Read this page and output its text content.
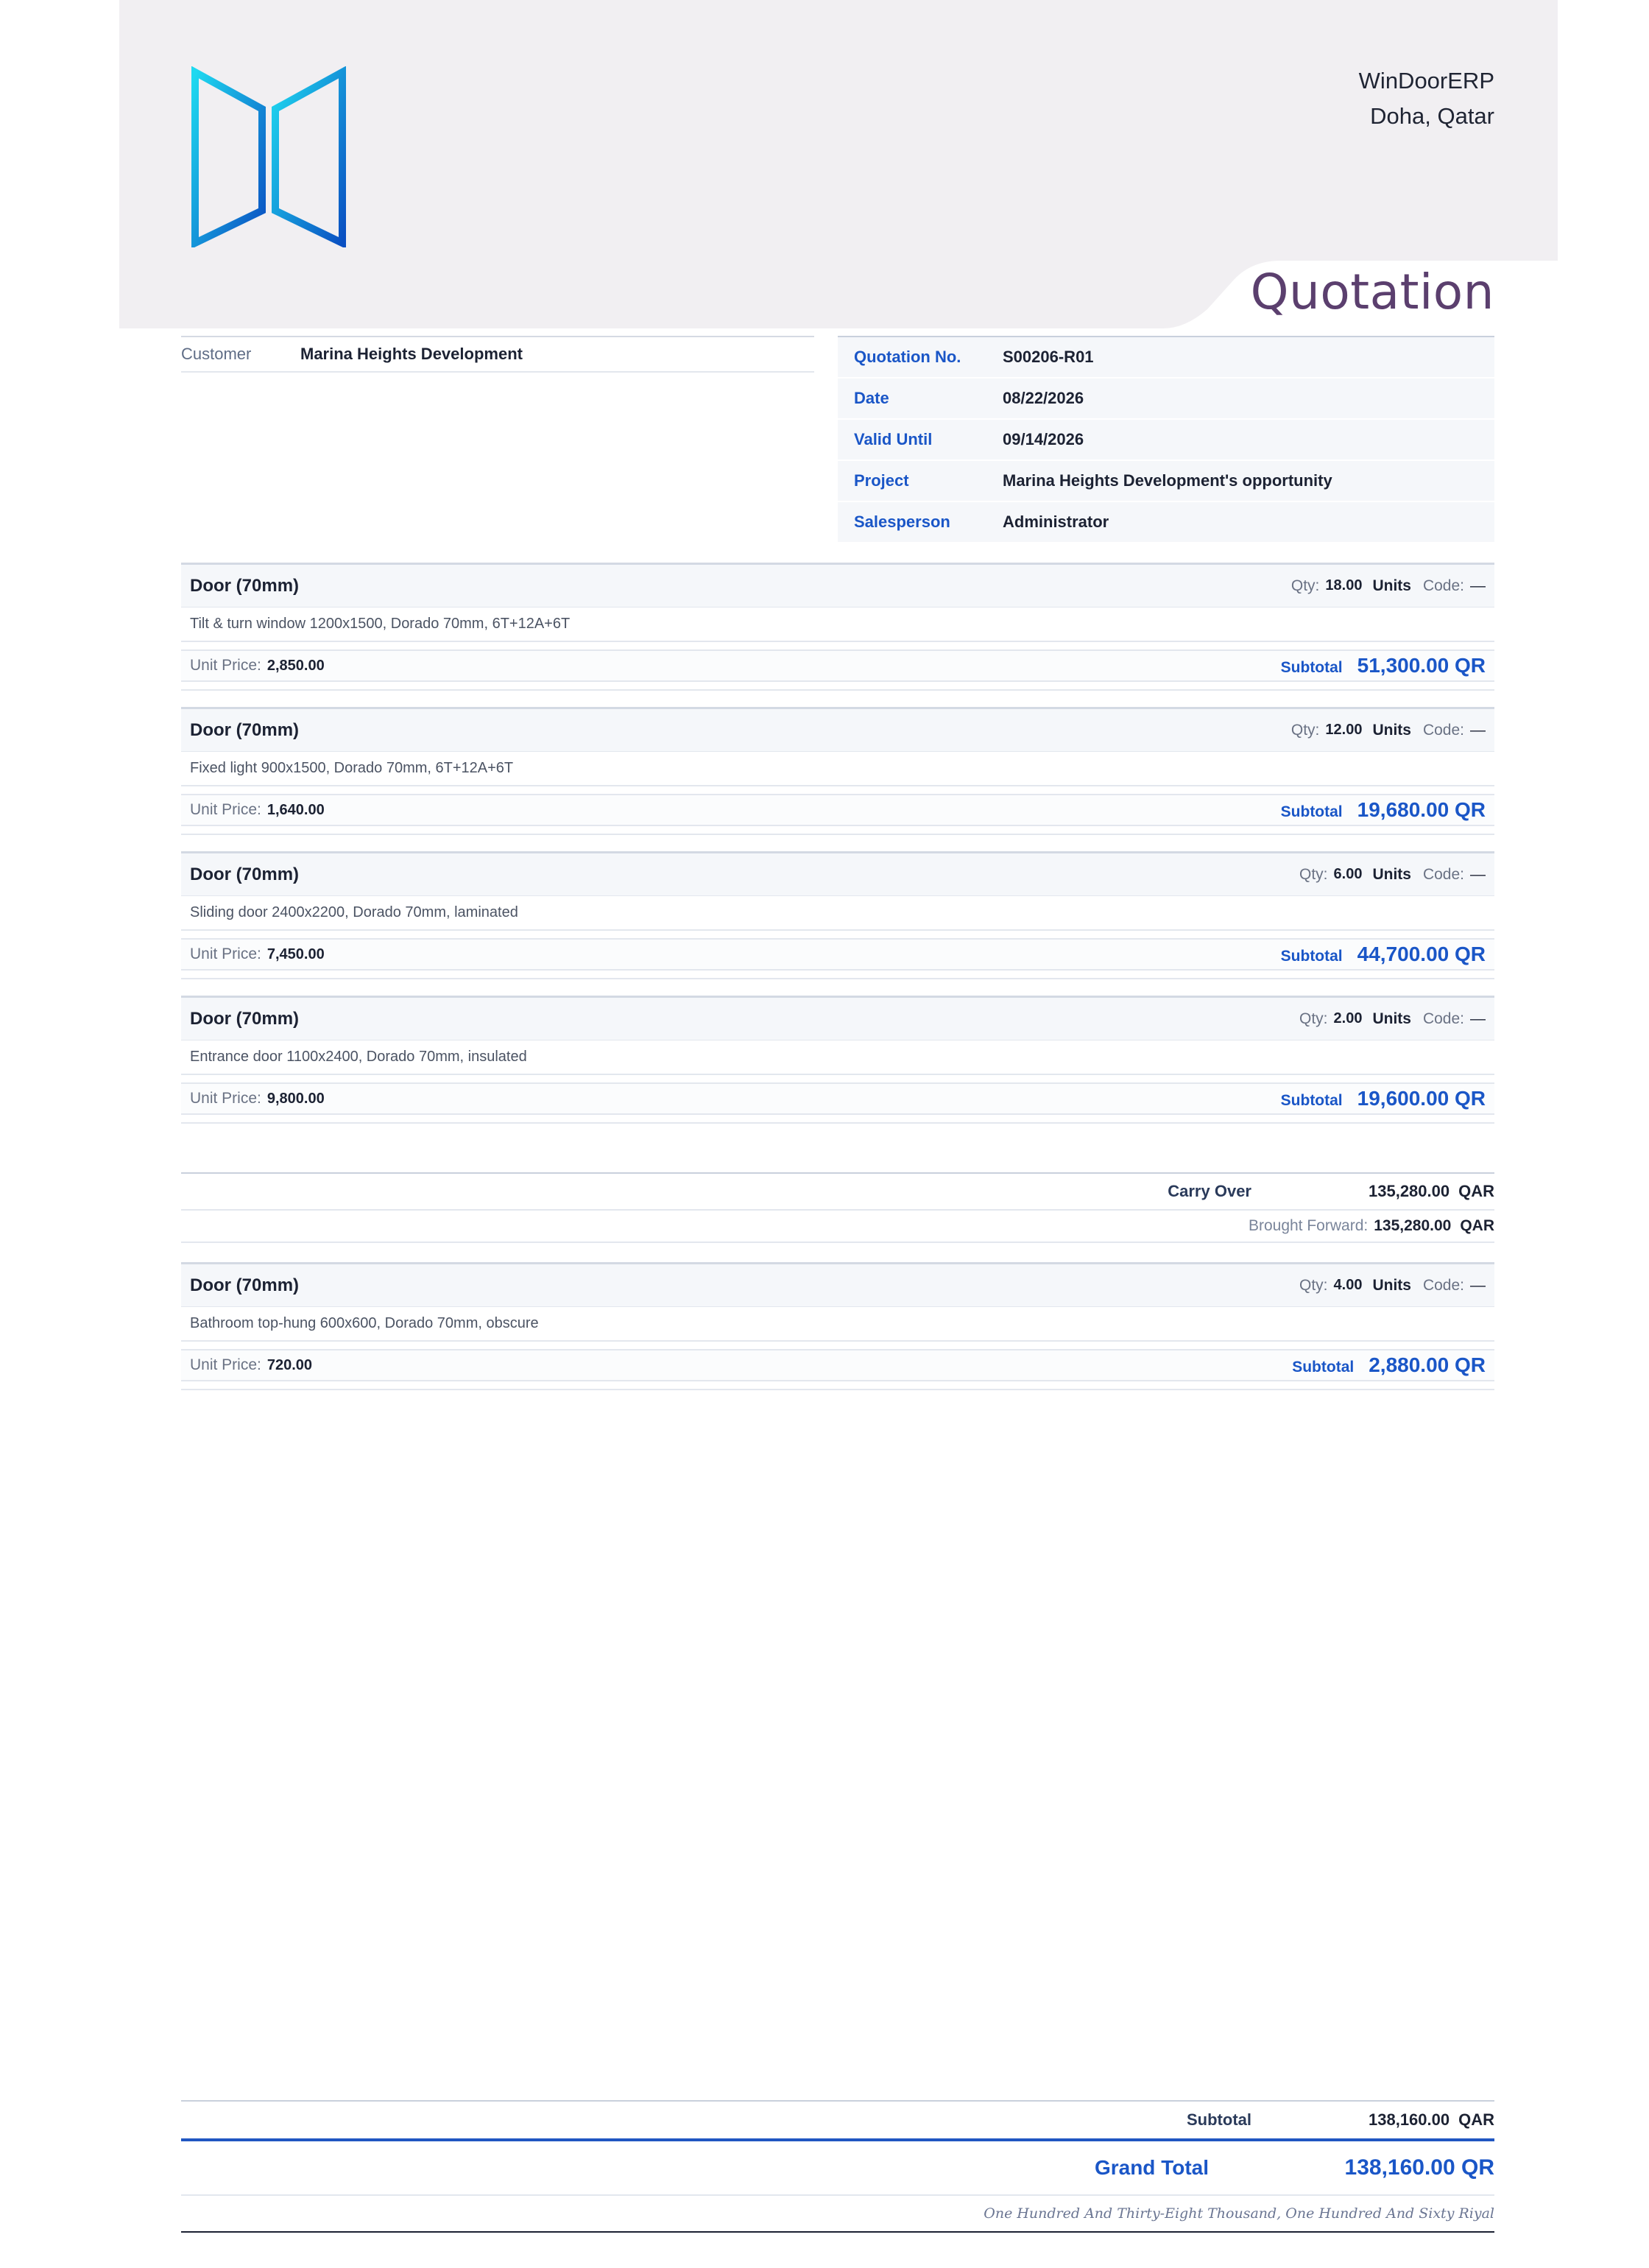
WinDoorERP
Doha, Qatar
Quotation
Customer	Marina Heights Development	Quotation No.	S00206-R01
Date	08/22/2026
Valid Until	09/14/2026
Project	Marina Heights Development's opportunity
Salesperson	Administrator
Door (70mm)	Qty: 18.00 Units Code: —
Tilt & turn window 1200x1500, Dorado 70mm, 6T+12A+6T
Unit Price: 2,850.00	Subtotal 51,300.00 QR
Door (70mm)	Qty: 12.00 Units Code: —
Fixed light 900x1500, Dorado 70mm, 6T+12A+6T
Unit Price: 1,640.00	Subtotal 19,680.00 QR
Door (70mm)	Qty: 6.00 Units Code: —
Sliding door 2400x2200, Dorado 70mm, laminated
Unit Price: 7,450.00	Subtotal 44,700.00 QR
Door (70mm)	Qty: 2.00 Units Code: —
Entrance door 1100x2400, Dorado 70mm, insulated
Unit Price: 9,800.00	Subtotal 19,600.00 QR
Carry Over	135,280.00 QAR
Brought Forward: 135,280.00 QAR
Door (70mm)	Qty: 4.00 Units Code: —
Bathroom top-hung 600x600, Dorado 70mm, obscure
Unit Price: 720.00	Subtotal 2,880.00 QR
Subtotal	138,160.00 QAR
Grand Total	138,160.00 QR
One Hundred And Thirty-Eight Thousand, One Hundred And Sixty Riyal
